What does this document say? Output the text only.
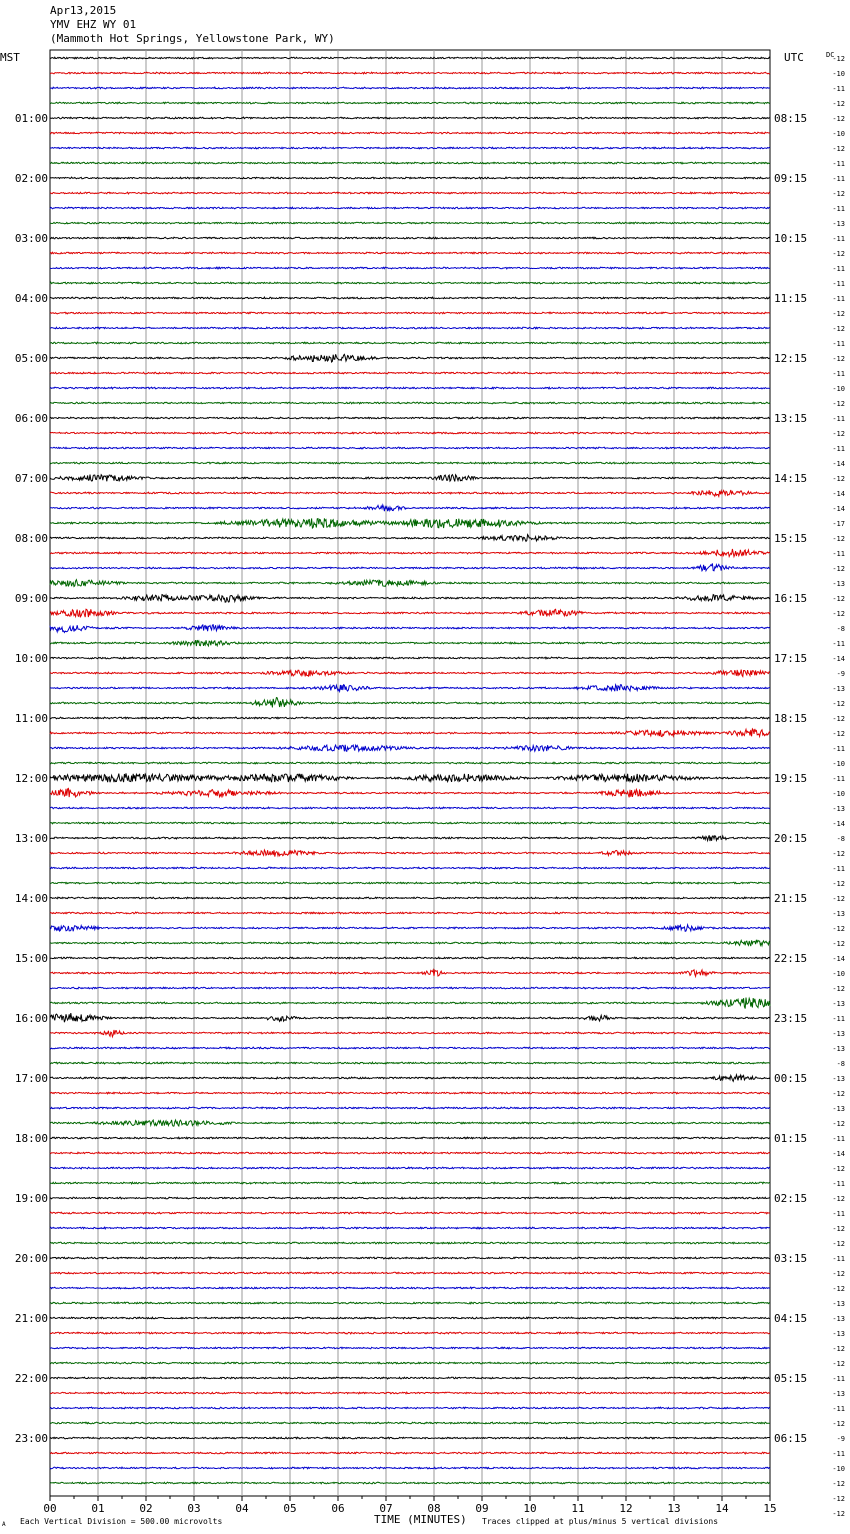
Apr13,2015
YMV EHZ WY 01
(Mammoth Hot Springs, Yellowstone Park, WY)
MST	UTC	DC
01:00
02:00
03:00
04:00
05:00
06:00
07:00
08:00
09:00
10:00
11:00
12:00
13:00
14:00
15:00
16:00
17:00
18:00
19:00
20:00
21:00
22:00
23:00
08:15
09:15
10:15
11:15
12:15
13:15
14:15
15:15
16:15
17:15
18:15
19:15
20:15
21:15
22:15
23:15
00:15
01:15
02:15
03:15
04:15
05:15
06:15
-12
-10
-11
-12
-12
-10
-12
-11
-11
-12
-11
-13
-11
-12
-11
-11
-11
-12
-12
-11
-12
-11
-10
-12
-11
-12
-11
-14
-12
-14
-14
-17
-12
-11
-12
-13
-12
-12
-8
-11
-14
-9
-13
-12
-12
-12
-11
-10
-11
-10
-13
-14
-8
-12
-11
-12
-12
-13
-12
-12
-14
-10
-12
-13
-11
-13
-13
-8
-13
-12
-13
-12
-11
-14
-12
-11
-12
-11
-12
-12
-11
-12
-12
-13
-13
-13
-12
-12
-11
-13
-11
-12
-9
-11
-10
-12
-12
-12
00	01	02	03	04	05	06	07	08	09	10	11	12	13	14	15
A Each Vertical Division = 500.00 microvolts	TIME (MINUTES) Traces clipped at plus/minus 5 vertical divisions
